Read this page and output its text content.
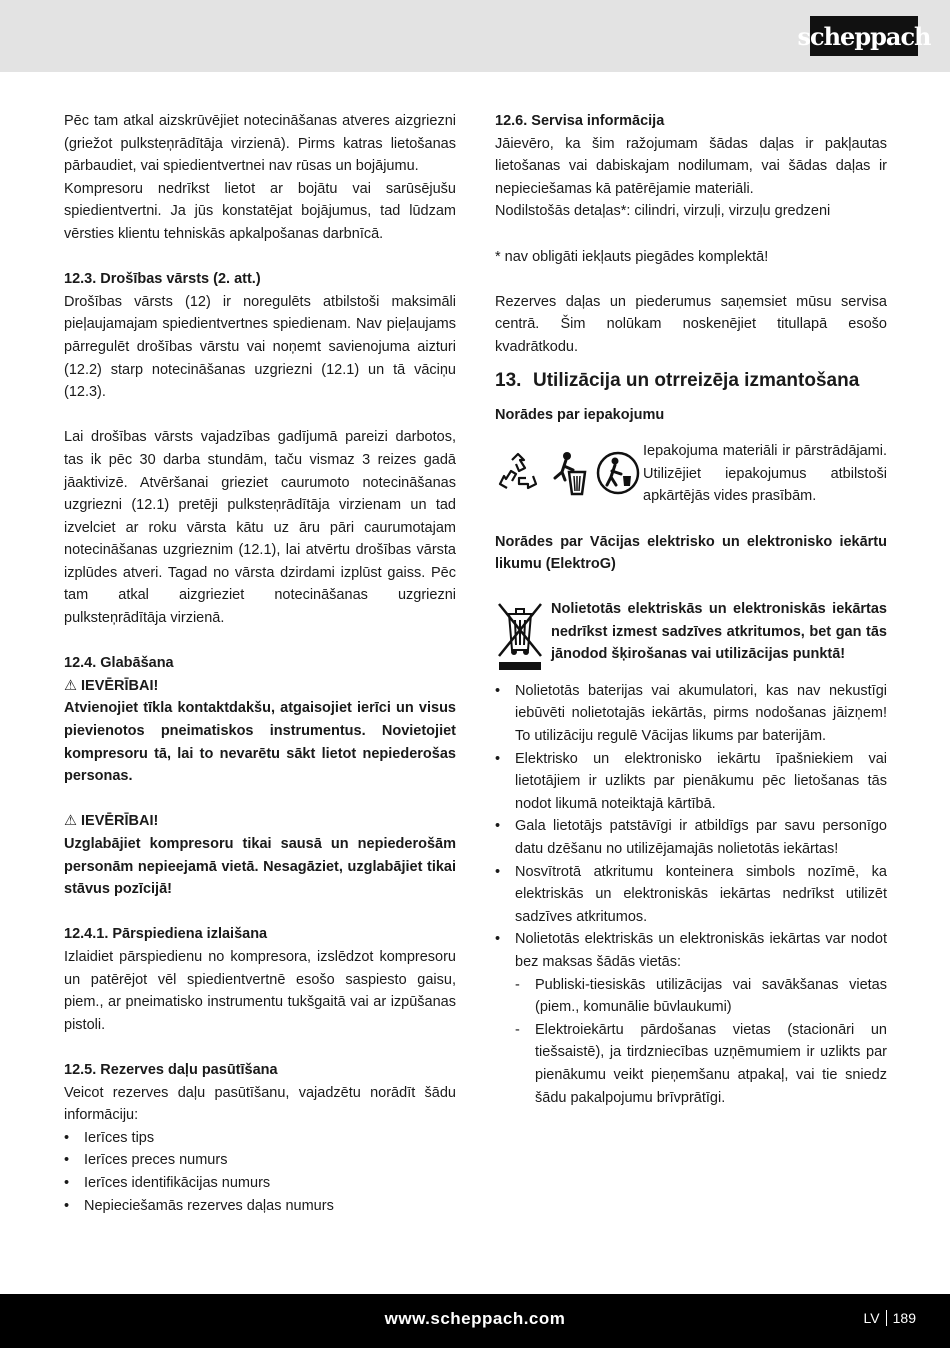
scheppach

Pēc tam atkal aizskrūvējiet notecināšanas atveres aizgriezni (griežot pulksteņrādītāja virzienā). Pirms katras lietošanas pārbaudiet, vai spiedientvertnei nav rūsas un bojājumu.

Kompresoru nedrīkst lietot ar bojātu vai sarūsējušu spiedientvertni. Ja jūs konstatējat bojājumus, tad lūdzam vērsties klientu tehniskās apkalpošanas darbnīcā.

12.3. Drošības vārsts (2. att.)

Drošības vārsts (12) ir noregulēts atbilstoši maksimāli pieļaujamajam spiedientvertnes spiedienam. Nav pieļaujams pārregulēt drošības vārstu vai noņemt savienojuma aizturi (12.2) starp notecināšanas uzgriezni (12.1) un tā vāciņu (12.3).

Lai drošības vārsts vajadzības gadījumā pareizi darbotos, tas ik pēc 30 darba stundām, taču vismaz 3 reizes gadā jāaktivizē. Atvēršanai grieziet caurumoto notecināšanas uzgriezni (12.1) pretēji pulksteņrādītāja virzienam un tad izvelciet ar roku vārsta kātu uz āru pāri caurumotajam notecināšanas uzgrieznim (12.1), lai atvērtu drošības vārsta izplūdes atveri. Tagad no vārsta dzirdami izplūst gaiss. Pēc tam atkal aizgrieziet notecināšanas uzgriezni pulksteņrādītāja virzienā.

12.4. Glabāšana

⚠ IEVĒRĪBAI!

Atvienojiet tīkla kontaktdakšu, atgaisojiet ierīci un visus pievienotos pneimatiskos instrumentus. Novietojiet kompresoru tā, lai to nevarētu sākt lietot nepiederošas personas.

⚠ IEVĒRĪBAI!

Uzglabājiet kompresoru tikai sausā un nepiederošām personām nepieejamā vietā. Nesagāziet, uzglabājiet tikai stāvus pozīcijā!

12.4.1. Pārspiediena izlaišana

Izlaidiet pārspiedienu no kompresora, izslēdzot kompresoru un patērējot vēl spiedientvertnē esošo saspiesto gaisu, piem., ar pneimatisko instrumentu tukšgaitā vai ar izpūšanas pistoli.

12.5. Rezerves daļu pasūtīšana

Veicot rezerves daļu pasūtīšanu, vajadzētu norādīt šādu informāciju:

• Ierīces tips
• Ierīces preces numurs
• Ierīces identifikācijas numurs
• Nepieciešamās rezerves daļas numurs

12.6. Servisa informācija

Jāievēro, ka šim ražojumam šādas daļas ir pakļautas lietošanas vai dabiskajam nodilumam, vai šādas daļas ir nepieciešamas kā patērējamie materiāli.

Nodilstošās detaļas*: cilindri, virzuļi, virzuļu gredzeni

* nav obligāti iekļauts piegādes komplektā!

Rezerves daļas un piederumus saņemsiet mūsu servisa centrā. Šim nolūkam noskenējiet titullapā esošo kvadrātkodu.

13. Utilizācija un otrreizēja izmantošana

Norādes par iepakojumu

Iepakojuma materiāli ir pārstrādājami. Utilizējiet iepakojumus atbilstoši apkārtējās vides prasībām.

Norādes par Vācijas elektrisko un elektronisko iekārtu likumu (ElektroG)

Nolietotās elektriskās un elektroniskās iekārtas nedrīkst izmest sadzīves atkritumos, bet gan tās jānodod šķirošanas vai utilizācijas punktā!

• Nolietotās baterijas vai akumulatori, kas nav nekustīgi iebūvēti nolietotajās iekārtās, pirms nodošanas jāizņem! To utilizāciju regulē Vācijas likums par baterijām.
• Elektrisko un elektronisko iekārtu īpašniekiem vai lietotājiem ir uzlikts par pienākumu pēc lietošanas tās nodot likumā noteiktajā kārtībā.
• Gala lietotājs patstāvīgi ir atbildīgs par savu personīgo datu dzēšanu no utilizējamajās nolietotās iekārtas!
• Nosvītrotā atkritumu konteinera simbols nozīmē, ka elektriskās un elektroniskās iekārtas nedrīkst utilizēt sadzīves atkritumos.
• Nolietotās elektriskās un elektroniskās iekārtas var nodot bez maksas šādās vietās:
- Publiski-tiesiskās utilizācijas vai savākšanas vietas (piem., komunālie būvlaukumi)
- Elektroiekārtu pārdošanas vietas (stacionāri un tiešsaistē), ja tirdzniecības uzņēmumiem ir uzlikts par pienākumu veikt pieņemšanu atpakaļ, vai tie sniedz šādu pakalpojumu brīvprātīgi.
www.scheppach.com	LV 189
